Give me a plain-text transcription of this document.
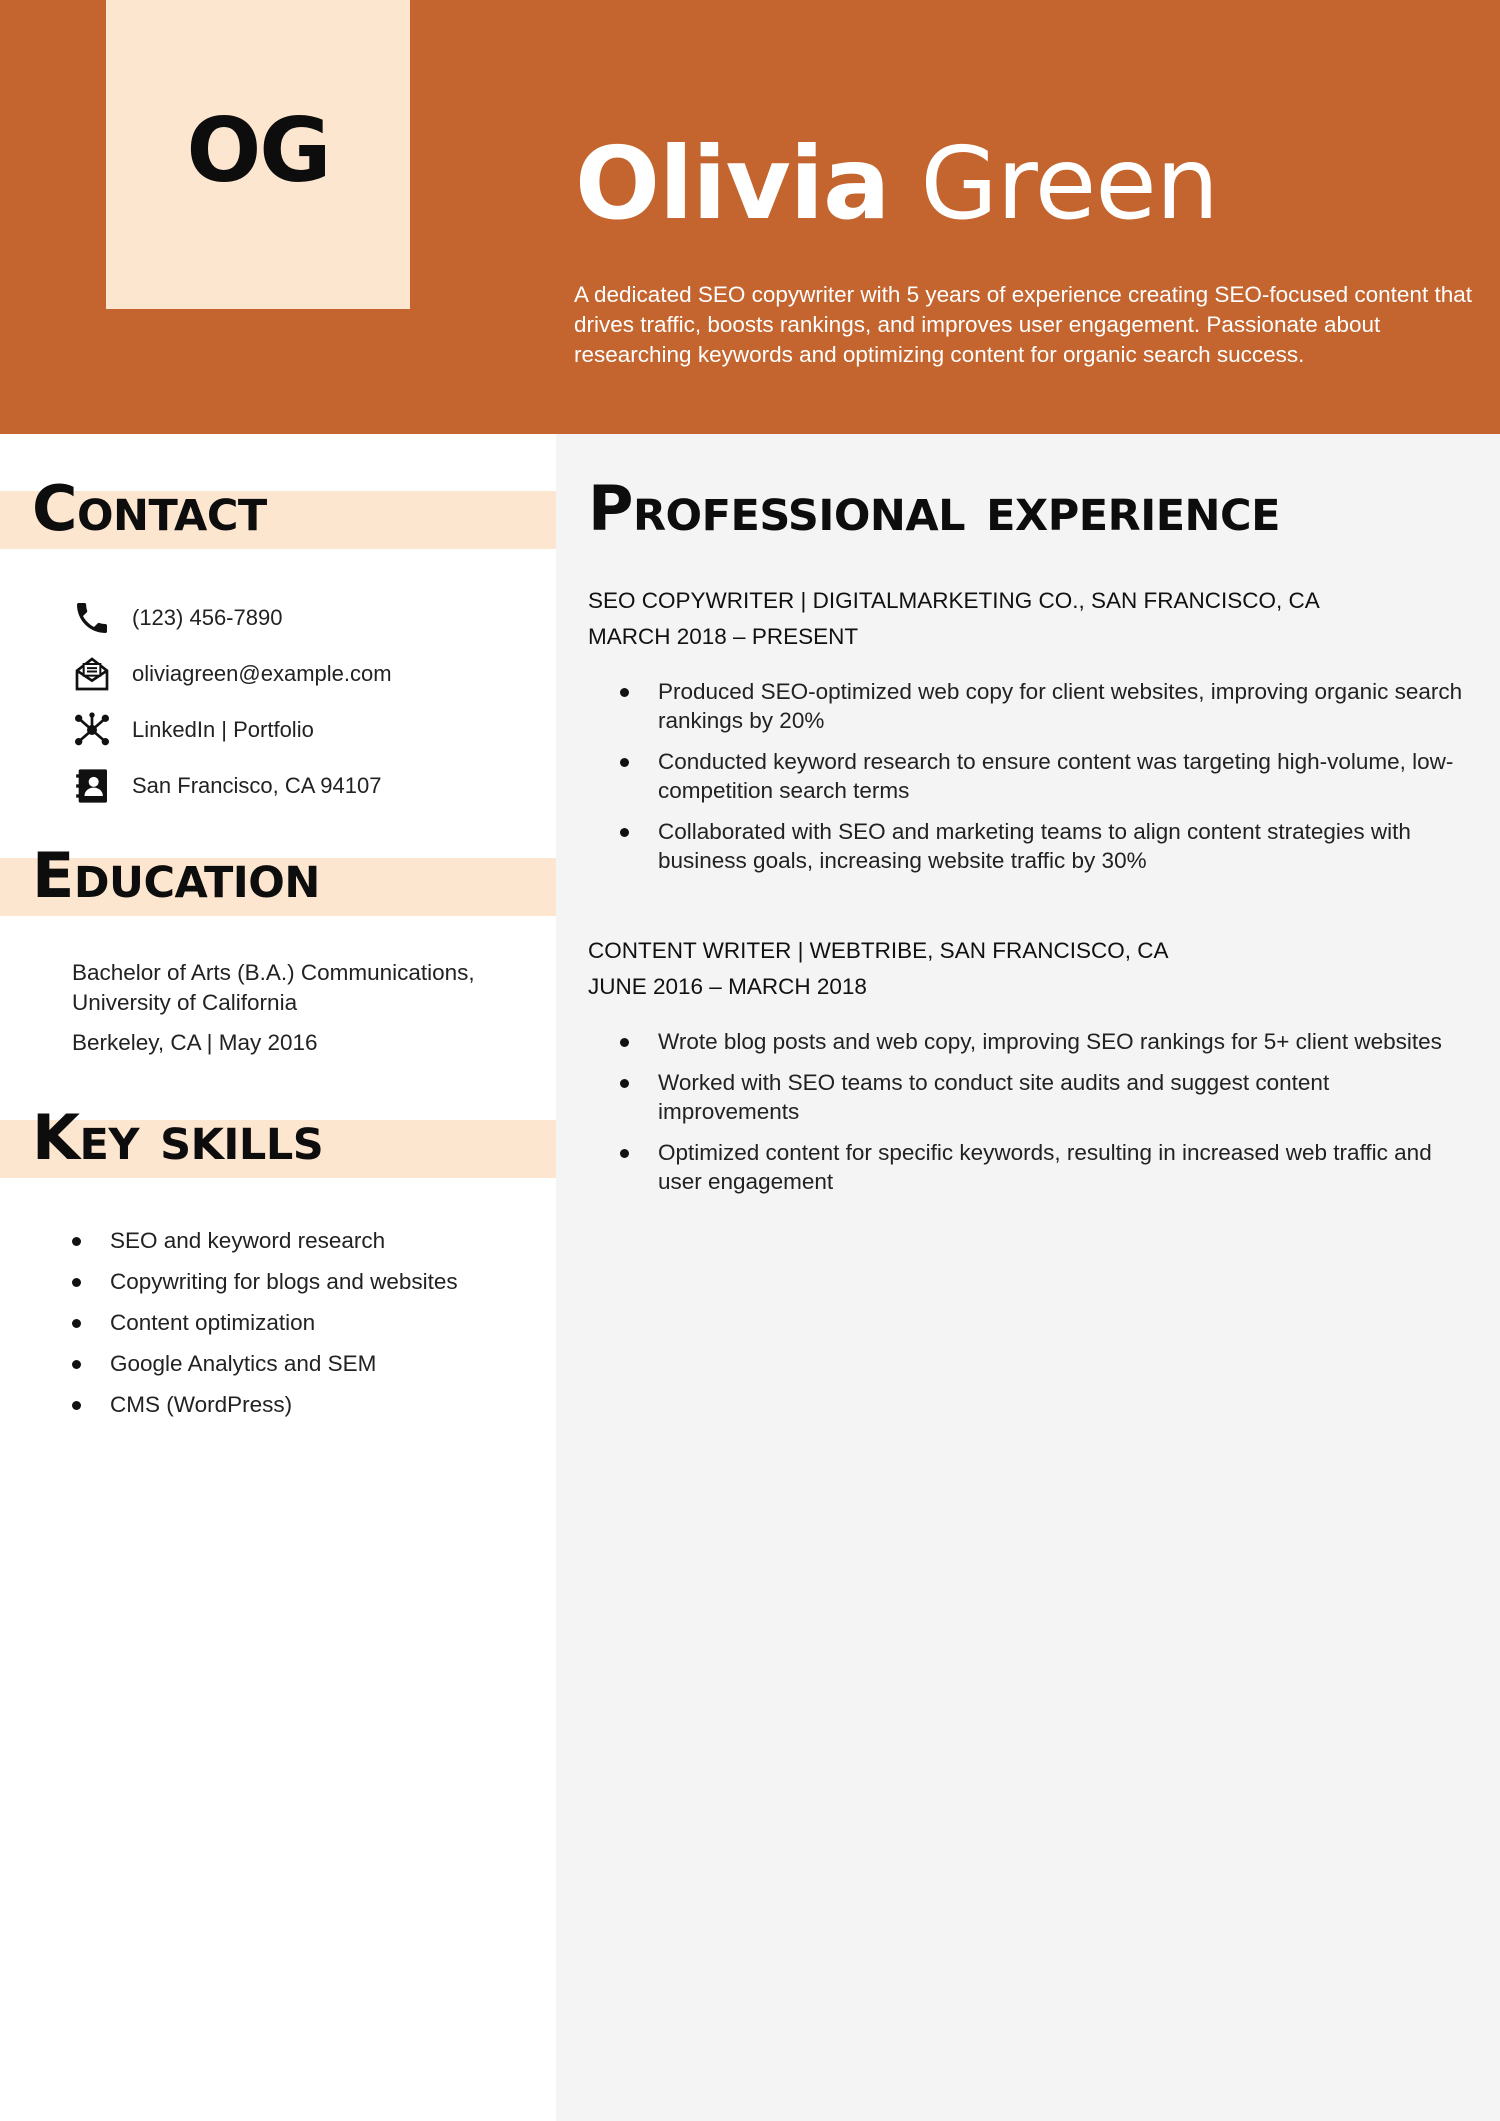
OG Olivia Green

A dedicated SEO copywriter with 5 years of experience creating SEO-focused content that drives traffic, boosts rankings, and improves user engagement. Passionate about researching keywords and optimizing content for organic search success.

Contact
(123) 456-7890
oliviagreen@example.com
LinkedIn | Portfolio
San Francisco, CA 94107
Education

Bachelor of Arts (B.A.) Communications, University of California

Berkeley, CA | May 2016

Key skills
SEO and keyword research
Copywriting for blogs and websites
Content optimization
Google Analytics and SEM
CMS (WordPress)
Professional experience
SEO COPYWRITER | DIGITALMARKETING CO., SAN FRANCISCO, CA
MARCH 2018 – PRESENT
Produced SEO-optimized web copy for client websites, improving organic search rankings by 20%
Conducted keyword research to ensure content was targeting high-volume, low-competition search terms
Collaborated with SEO and marketing teams to align content strategies with business goals, increasing website traffic by 30%
CONTENT WRITER | WEBTRIBE, SAN FRANCISCO, CA
JUNE 2016 – MARCH 2018
Wrote blog posts and web copy, improving SEO rankings for 5+ client websites
Worked with SEO teams to conduct site audits and suggest content improvements
Optimized content for specific keywords, resulting in increased web traffic and user engagement
